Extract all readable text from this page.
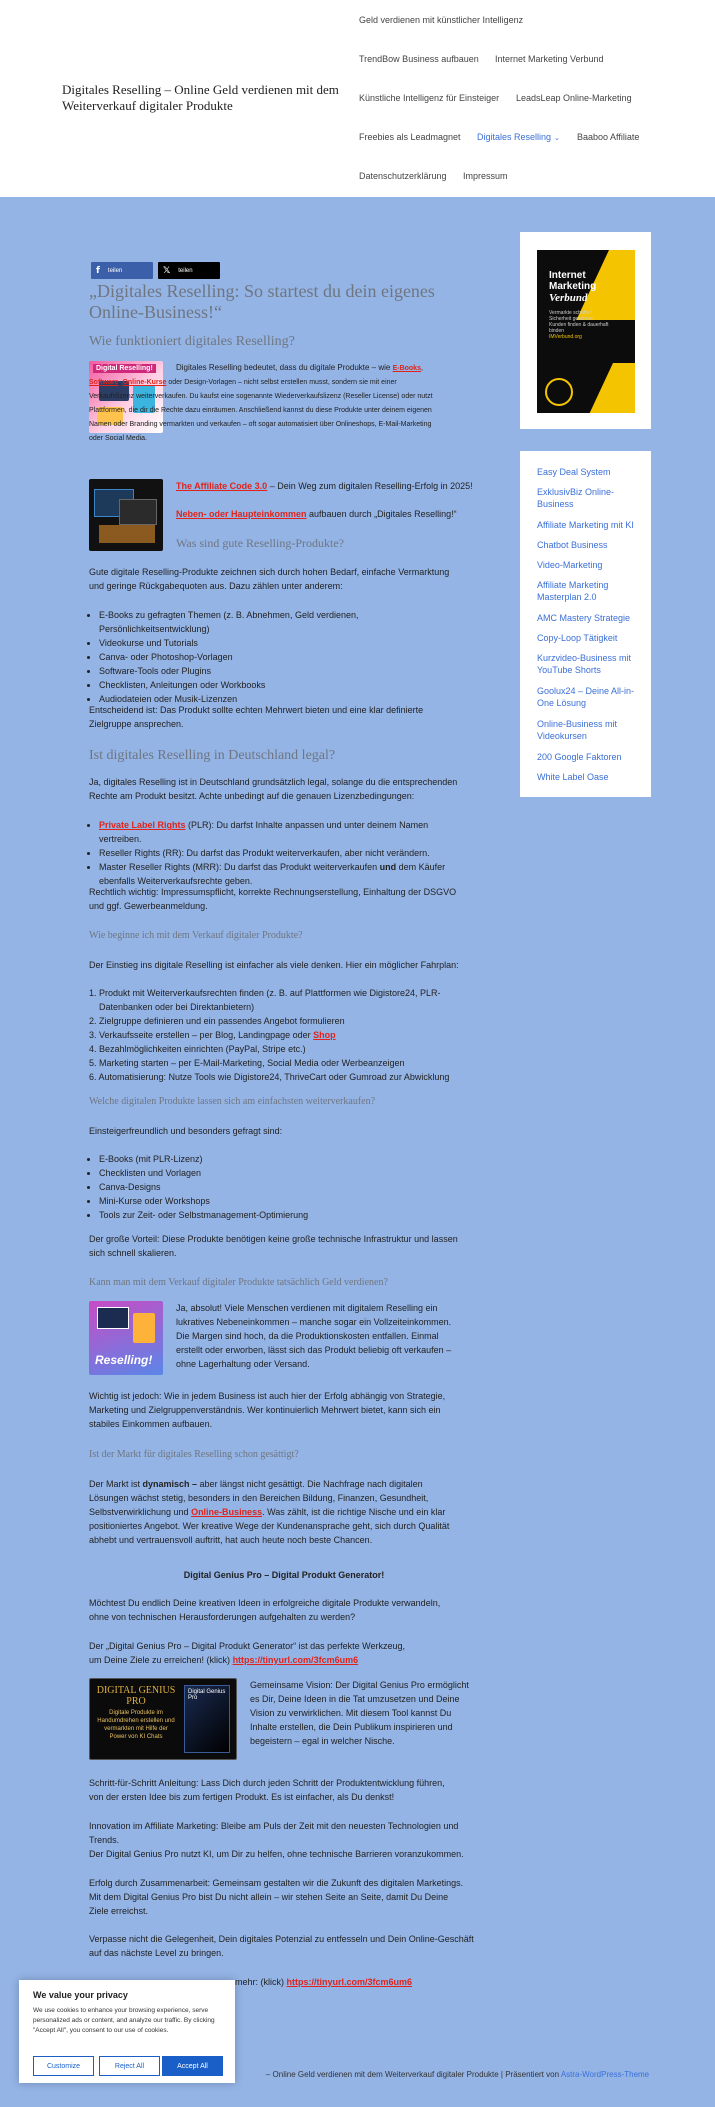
Digitales Reselling – Online Geld verdienen mit dem Weiterverkauf digitaler Produkte
Geld verdienen mit künstlicher Intelligenz
TrendBow Business aufbauen Internet Marketing Verbund
Künstliche Intelligenz für Einsteiger LeadsLeap Online-Marketing
Freebies als Leadmagnet Digitales Reselling ⌄ Baaboo Affiliate
Datenschutzerklärung Impressum
f teilen	𝕏 teilen
„Digitales Reselling: So startest du dein eigenes Online-Business!“
Wie funktioniert digitales Reselling?
Digital Reselling!	Digitales Reselling bedeutet, dass du digitale Produkte – wie E-Books, Software, Online-Kurse oder Design-Vorlagen – nicht selbst erstellen musst, sondern sie mit einer Verkaufslizenz weiterverkaufen. Du kaufst eine sogenannte Wiederverkaufslizenz (Reseller License) oder nutzt Plattformen, die dir die Rechte dazu einräumen. Anschließend kannst du diese Produkte unter deinem eigenen Namen oder Branding vermarkten und verkaufen – oft sogar automatisiert über Onlineshops, E-Mail-Marketing oder Social Media.
The Affiliate Code 3.0 – Dein Weg zum digitalen Reselling-Erfolg in 2025!
Neben- oder Haupteinkommen aufbauen durch „Digitales Reselling!“
Was sind gute Reselling-Produkte?
Gute digitale Reselling-Produkte zeichnen sich durch hohen Bedarf, einfache Vermarktung und geringe Rückgabequoten aus. Dazu zählen unter anderem:
• E-Books zu gefragten Themen (z. B. Abnehmen, Geld verdienen, Persönlichkeitsentwicklung)
• Videokurse und Tutorials
• Canva- oder Photoshop-Vorlagen
• Software-Tools oder Plugins
• Checklisten, Anleitungen oder Workbooks
• Audiodateien oder Musik-Lizenzen
Entscheidend ist: Das Produkt sollte echten Mehrwert bieten und eine klar definierte Zielgruppe ansprechen.
Ist digitales Reselling in Deutschland legal?
Ja, digitales Reselling ist in Deutschland grundsätzlich legal, solange du die entsprechenden Rechte am Produkt besitzt. Achte unbedingt auf die genauen Lizenzbedingungen:
• Private Label Rights (PLR): Du darfst Inhalte anpassen und unter deinem Namen vertreiben.
• Reseller Rights (RR): Du darfst das Produkt weiterverkaufen, aber nicht verändern.
• Master Reseller Rights (MRR): Du darfst das Produkt weiterverkaufen und dem Käufer ebenfalls Weiterverkaufsrechte geben.
Rechtlich wichtig: Impressumspflicht, korrekte Rechnungserstellung, Einhaltung der DSGVO und ggf. Gewerbeanmeldung.
Wie beginne ich mit dem Verkauf digitaler Produkte?
Der Einstieg ins digitale Reselling ist einfacher als viele denken. Hier ein möglicher Fahrplan:
1. Produkt mit Weiterverkaufsrechten finden (z. B. auf Plattformen wie Digistore24, PLR-Datenbanken oder bei Direktanbietern)
2. Zielgruppe definieren und ein passendes Angebot formulieren
3. Verkaufsseite erstellen – per Blog, Landingpage oder Shop
4. Bezahlmöglichkeiten einrichten (PayPal, Stripe etc.)
5. Marketing starten – per E-Mail-Marketing, Social Media oder Werbeanzeigen
6. Automatisierung: Nutze Tools wie Digistore24, ThriveCart oder Gumroad zur Abwicklung
Welche digitalen Produkte lassen sich am einfachsten weiterverkaufen?
Einsteigerfreundlich und besonders gefragt sind:
• E-Books (mit PLR-Lizenz)
• Checklisten und Vorlagen
• Canva-Designs
• Mini-Kurse oder Workshops
• Tools zur Zeit- oder Selbstmanagement-Optimierung
Der große Vorteil: Diese Produkte benötigen keine große technische Infrastruktur und lassen sich schnell skalieren.
Kann man mit dem Verkauf digitaler Produkte tatsächlich Geld verdienen?
Reselling!
Ja, absolut! Viele Menschen verdienen mit digitalem Reselling ein lukratives Nebeneinkommen – manche sogar ein Vollzeiteinkommen. Die Margen sind hoch, da die Produktionskosten entfallen. Einmal erstellt oder erworben, lässt sich das Produkt beliebig oft verkaufen – ohne Lagerhaltung oder Versand.
Wichtig ist jedoch: Wie in jedem Business ist auch hier der Erfolg abhängig von Strategie, Marketing und Zielgruppenverständnis. Wer kontinuierlich Mehrwert bietet, kann sich ein stabiles Einkommen aufbauen.
Ist der Markt für digitales Reselling schon gesättigt?
Der Markt ist dynamisch – aber längst nicht gesättigt. Die Nachfrage nach digitalen Lösungen wächst stetig, besonders in den Bereichen Bildung, Finanzen, Gesundheit, Selbstverwirklichung und Online-Business. Was zählt, ist die richtige Nische und ein klar positioniertes Angebot. Wer kreative Wege der Kundenansprache geht, sich durch Qualität abhebt und vertrauensvoll auftritt, hat auch heute noch beste Chancen.
Digital Genius Pro – Digital Produkt Generator!
Möchtest Du endlich Deine kreativen Ideen in erfolgreiche digitale Produkte verwandeln,
ohne von technischen Herausforderungen aufgehalten zu werden?
Der „Digital Genius Pro – Digital Produkt Generator“ ist das perfekte Werkzeug,
um Deine Ziele zu erreichen! (klick) https://tinyurl.com/3fcm6um6
DIGITAL GENIUS PRO
Digitale Produkte im Handumdrehen erstellen und vermarkten mit Hilfe der Power von KI Chats
Digital Genius Pro
Gemeinsame Vision: Der Digital Genius Pro ermöglicht es Dir, Deine Ideen in die Tat umzusetzen und Deine Vision zu verwirklichen. Mit diesem Tool kannst Du Inhalte erstellen, die Dein Publikum inspirieren und begeistern – egal in welcher Nische.
Schritt-für-Schritt Anleitung: Lass Dich durch jeden Schritt der Produktentwicklung führen,
von der ersten Idee bis zum fertigen Produkt. Es ist einfacher, als Du denkst!
Innovation im Affiliate Marketing: Bleibe am Puls der Zeit mit den neuesten Technologien und Trends.
Der Digital Genius Pro nutzt KI, um Dir zu helfen, ohne technische Barrieren voranzukommen.
Erfolg durch Zusammenarbeit: Gemeinsam gestalten wir die Zukunft des digitalen Marketings.
Mit dem Digital Genius Pro bist Du nicht allein – wir stehen Seite an Seite, damit Du Deine Ziele erreichst.
Verpasse nicht die Gelegenheit, Dein digitales Potenzial zu entfesseln und Dein Online-Geschäft
auf das nächste Level zu bringen.
mehr: (klick) https://tinyurl.com/3fcm6um6
Internet
Marketing
Verbund
Vermarkte schaffen Sicherheit gewinnen Kunden finden & dauerhaft binden
IMVerbund.org
Easy Deal System
ExklusivBiz Online-Business
Affiliate Marketing mit KI
Chatbot Business
Video-Marketing
Affiliate Marketing Masterplan 2.0
AMC Mastery Strategie
Copy-Loop Tätigkeit
Kurzvideo-Business mit YouTube Shorts
Goolux24 – Deine All-in-One Lösung
Online-Business mit Videokursen
200 Google Faktoren
White Label Oase
– Online Geld verdienen mit dem Weiterverkauf digitaler Produkte | Präsentiert von Astra-WordPress-Theme
We value your privacy
We use cookies to enhance your browsing experience, serve personalized ads or content, and analyze our traffic. By clicking "Accept All", you consent to our use of cookies.
Customize	Reject All	Accept All
